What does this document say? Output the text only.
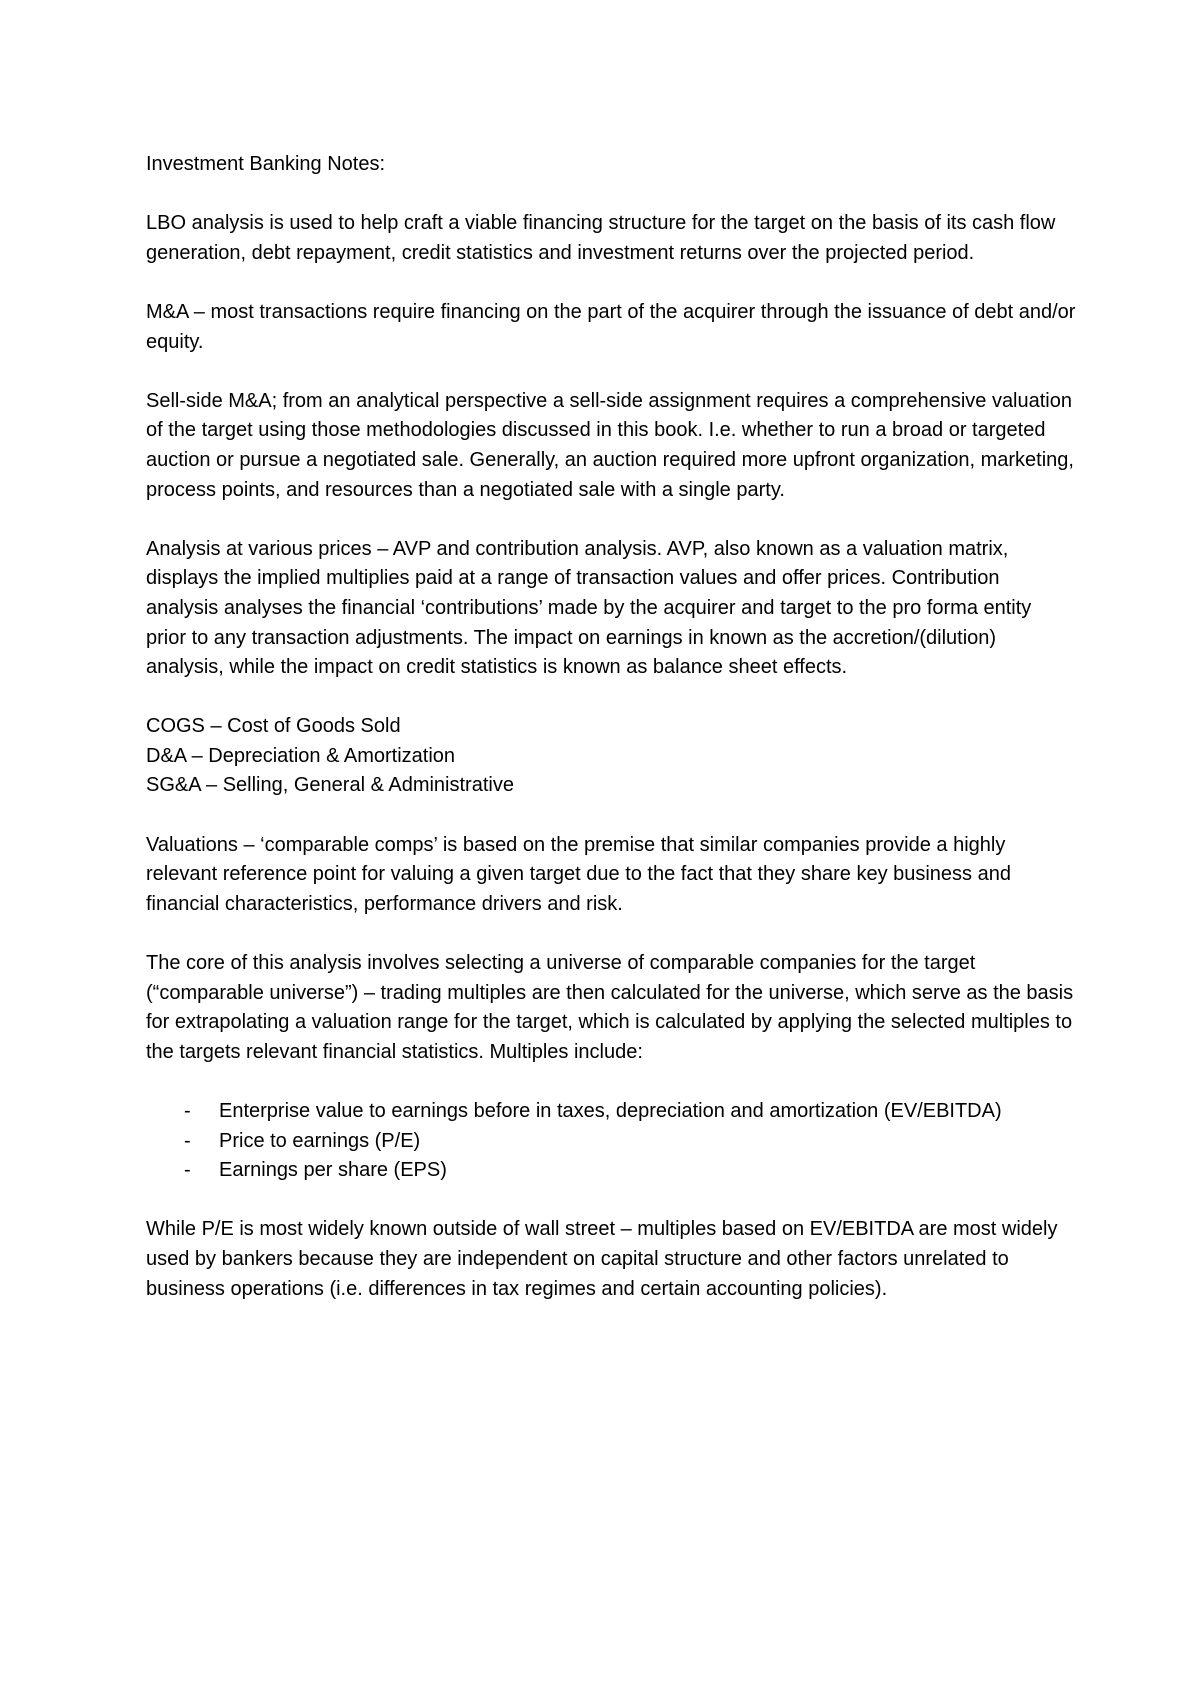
Investment Banking Notes:

LBO analysis is used to help craft a viable financing structure for the target on the basis of its cash flow generation, debt repayment, credit statistics and investment returns over the projected period.

M&A – most transactions require financing on the part of the acquirer through the issuance of debt and/or equity.

Sell-side M&A; from an analytical perspective a sell-side assignment requires a comprehensive valuation of the target using those methodologies discussed in this book. I.e. whether to run a broad or targeted auction or pursue a negotiated sale. Generally, an auction required more upfront organization, marketing, process points, and resources than a negotiated sale with a single party.

Analysis at various prices – AVP and contribution analysis. AVP, also known as a valuation matrix, displays the implied multiplies paid at a range of transaction values and offer prices. Contribution analysis analyses the financial ‘contributions’ made by the acquirer and target to the pro forma entity prior to any transaction adjustments. The impact on earnings in known as the accretion/(dilution) analysis, while the impact on credit statistics is known as balance sheet effects.

COGS – Cost of Goods Sold
D&A – Depreciation & Amortization
SG&A – Selling, General & Administrative

Valuations – ‘comparable comps’ is based on the premise that similar companies provide a highly relevant reference point for valuing a given target due to the fact that they share key business and financial characteristics, performance drivers and risk.

The core of this analysis involves selecting a universe of comparable companies for the target (“comparable universe”) – trading multiples are then calculated for the universe, which serve as the basis for extrapolating a valuation range for the target, which is calculated by applying the selected multiples to the targets relevant financial statistics. Multiples include:

- Enterprise value to earnings before in taxes, depreciation and amortization (EV/EBITDA)
- Price to earnings (P/E)
- Earnings per share (EPS)

While P/E is most widely known outside of wall street – multiples based on EV/EBITDA are most widely used by bankers because they are independent on capital structure and other factors unrelated to business operations (i.e. differences in tax regimes and certain accounting policies).
